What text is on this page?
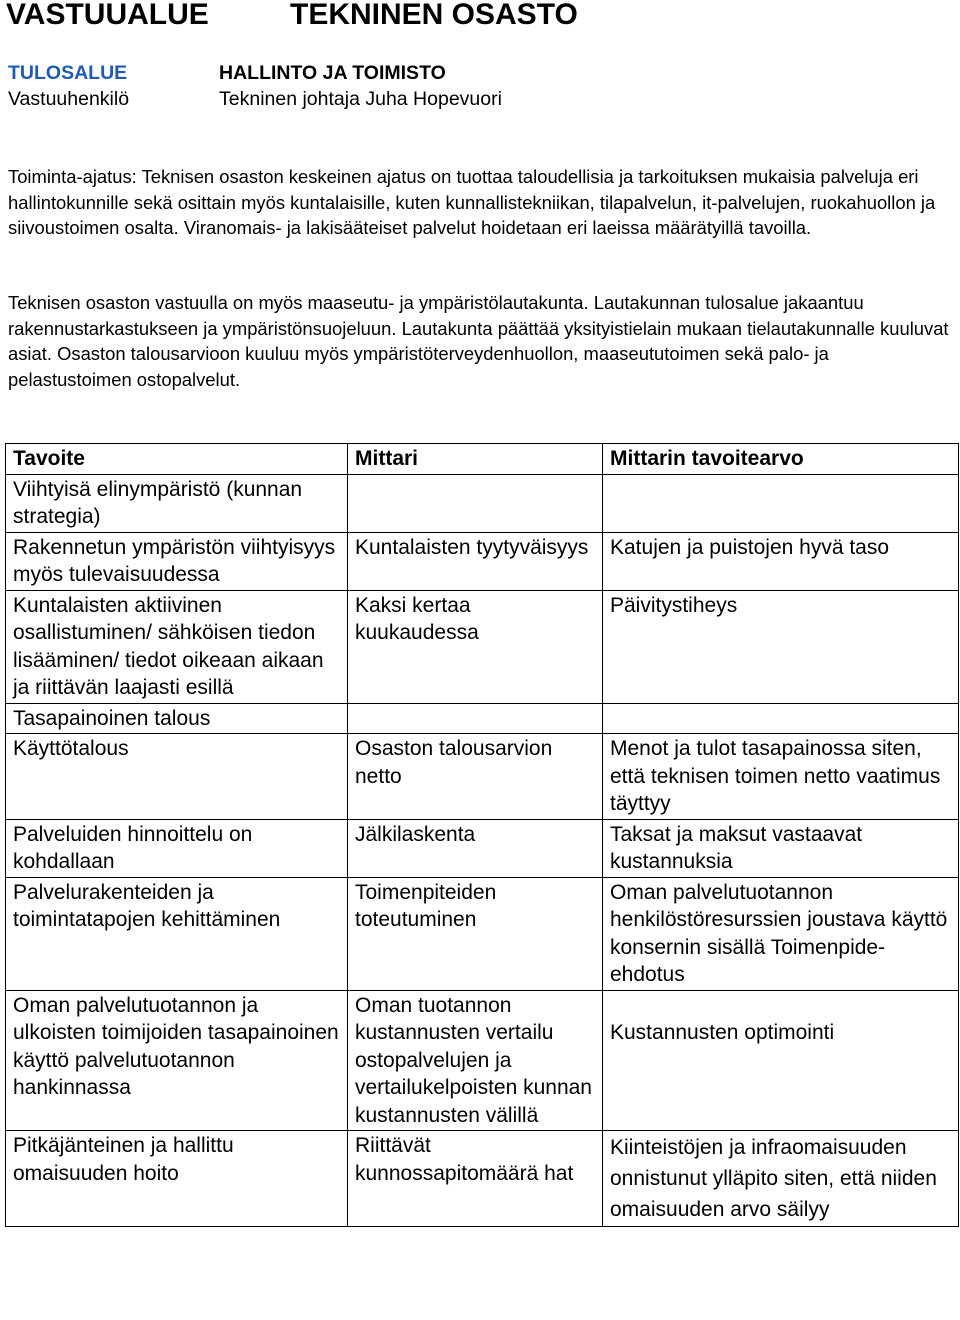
VASTUUALUE	TEKNINEN OSASTO
TULOSALUE	HALLINTO JA TOIMISTO
Vastuuhenkilö	Tekninen johtaja Juha Hopevuori
Toiminta-ajatus: Teknisen osaston keskeinen ajatus on tuottaa taloudellisia ja tarkoituksen mukaisia palveluja eri hallintokunnille sekä osittain myös kuntalaisille, kuten kunnallistekniikan, tilapalvelun, it-palvelujen, ruokahuollon ja siivoustoimen osalta. Viranomais- ja lakisääteiset palvelut hoidetaan eri laeissa määrätyillä tavoilla.
Teknisen osaston vastuulla on myös maaseutu- ja ympäristölautakunta. Lautakunnan tulosalue jakaantuu rakennustarkastukseen ja ympäristönsuojeluun. Lautakunta päättää yksityistielain mukaan tielautakunnalle kuuluvat asiat. Osaston talousarvioon kuuluu myös ympäristöterveydenhuollon, maaseututoimen sekä palo- ja pelastustoimen ostopalvelut.
Tavoite	Mittari	Mittarin tavoitearvo
Viihtyisä elinympäristö (kunnan strategia)		
Rakennetun ympäristön viihtyisyys myös tulevaisuudessa	Kuntalaisten tyytyväisyys	Katujen ja puistojen hyvä taso
Kuntalaisten aktiivinen osallistuminen/ sähköisen tiedon lisääminen/ tiedot oikeaan aikaan ja riittävän laajasti esillä	Kaksi kertaa kuukaudessa	Päivitystiheys
Tasapainoinen talous		
Käyttötalous	Osaston talousarvion netto	Menot ja tulot tasapainossa siten, että teknisen toimen netto vaatimus täyttyy
Palveluiden hinnoittelu on kohdallaan	Jälkilaskenta	Taksat ja maksut vastaavat kustannuksia
Palvelurakenteiden ja toimintatapojen kehittäminen	Toimenpiteiden toteutuminen	Oman palvelutuotannon henkilöstöresurssien joustava käyttö konsernin sisällä Toimenpide-ehdotus
Oman palvelutuotannon ja ulkoisten toimijoiden tasapainoinen käyttö palvelutuotannon hankinnassa	Oman tuotannon kustannusten vertailu ostopalvelujen ja vertailukelpoisten kunnan kustannusten välillä	Kustannusten optimointi
Pitkäjänteinen ja hallittu omaisuuden hoito	Riittävät kunnossapitomäärä hat	Kiinteistöjen ja infraomaisuuden onnistunut ylläpito siten, että niiden omaisuuden arvo säilyy
